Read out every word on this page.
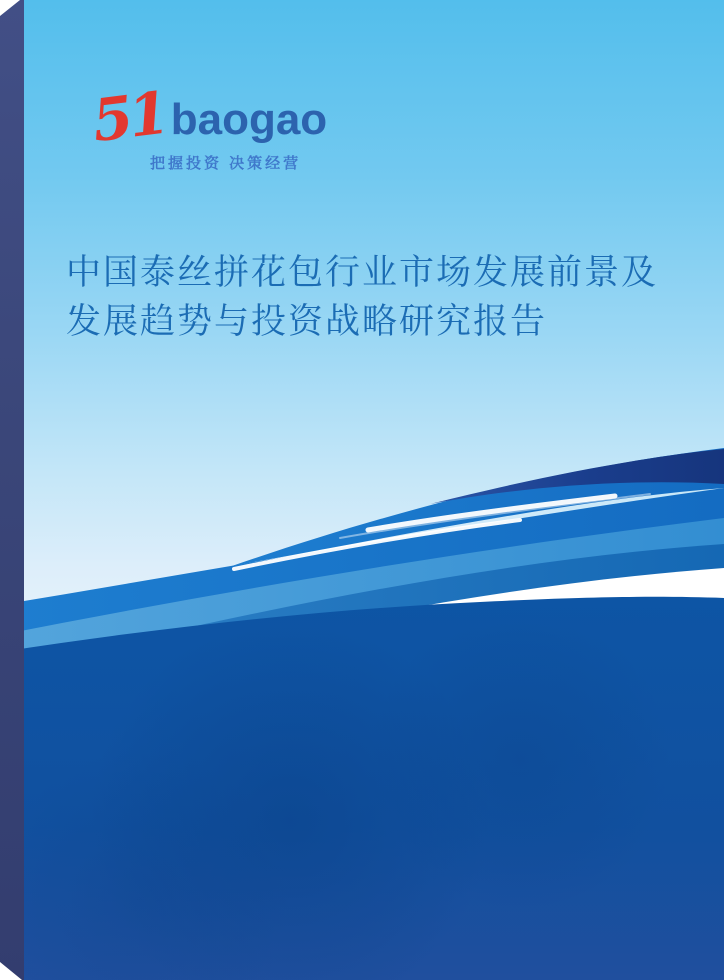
51 baogao
把握投资 决策经营
中国泰丝拼花包行业市场发展前景及
发展趋势与投资战略研究报告
